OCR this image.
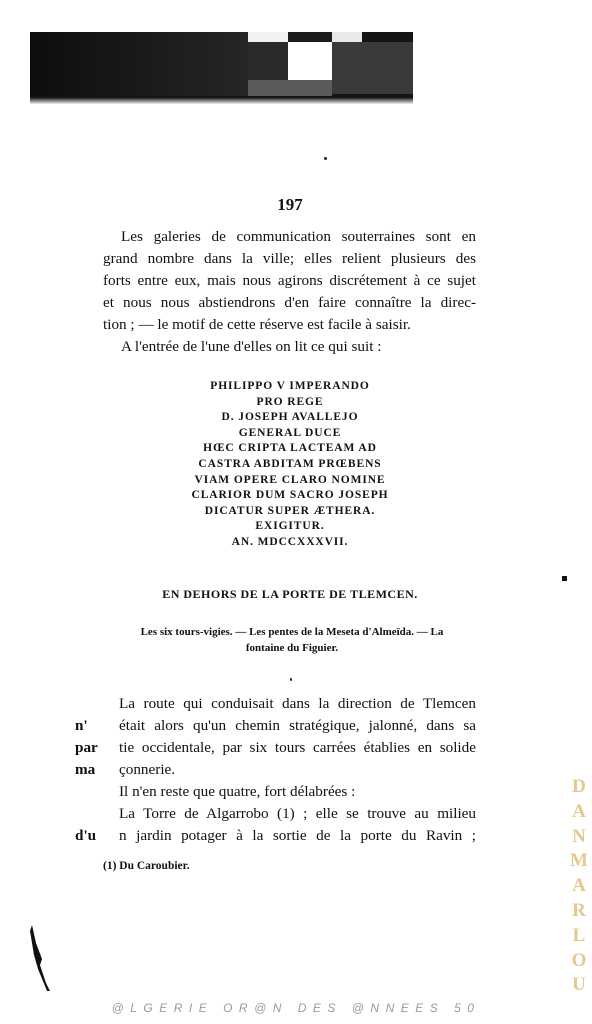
197

Les galeries de communication souterraines sont en
grand nombre dans la ville; elles relient plusieurs des
forts entre eux, mais nous agirons discrétement à ce sujet
et nous nous abstiendrons d'en faire connaître la direc-
tion ; — le motif de cette réserve est facile à saisir.

A l'entrée de l'une d'elles on lit ce qui suit :

PHILIPPO V IMPERANDO
PRO REGE
D. JOSEPH AVALLEJO
GENERAL DUCE
HŒC CRIPTA LACTEAM AD
CASTRA ABDITAM PRŒBENS
VIAM OPERE CLARO NOMINE
CLARIOR DUM SACRO JOSEPH
DICATUR SUPER ÆTHERA.
EXIGITUR.
AN. MDCCXXXVII.
EN DEHORS DE LA PORTE DE TLEMCEN.
Les six tours-vigies. — Les pentes de la Meseta d'Almeïda. — La
fontaine du Figuier.
La route qui conduisait dans la direction de Tlemcen
n' était alors qu'un chemin stratégique, jalonné, dans sa
par tie occidentale, par six tours carrées établies en solide
ma çonnerie.
Il n'en reste que quatre, fort délabrées :
La Torre de Algarrobo (1) ; elle se trouve au milieu
d'u n jardin potager à la sortie de la porte du Ravin ;
(1) Du Caroubier.
D
A
N
M
A
R
L
O
U
@LGERIE OR@N DES @NNEES 50
